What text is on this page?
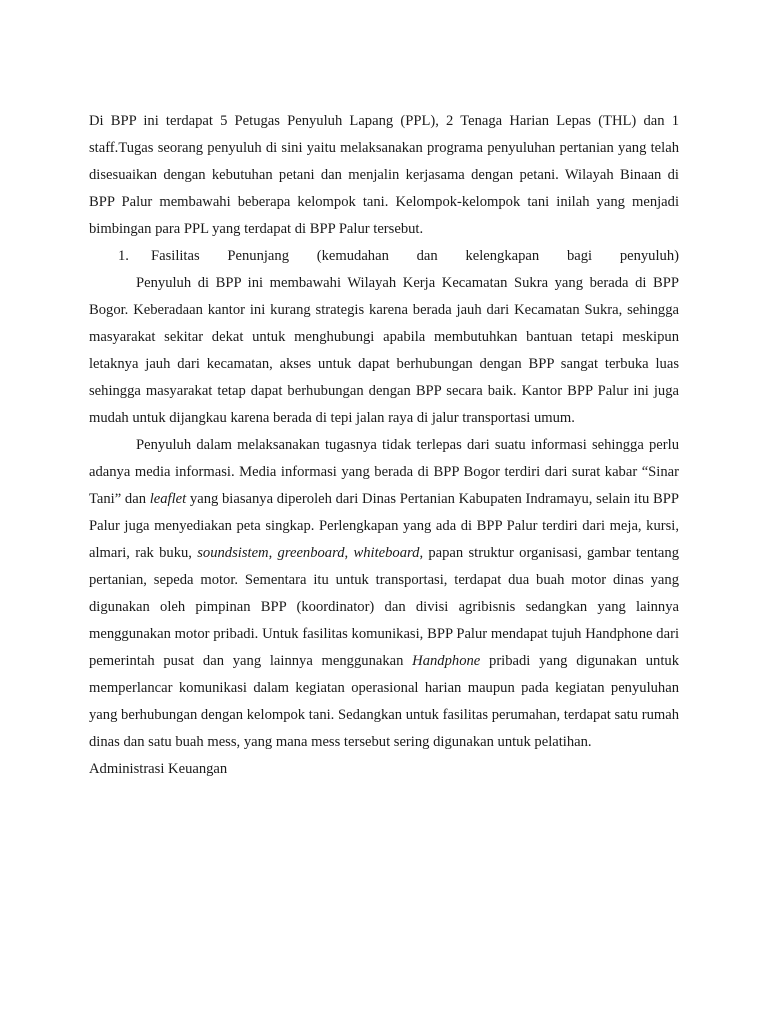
Di BPP ini terdapat 5 Petugas Penyuluh Lapang (PPL), 2 Tenaga Harian Lepas (THL) dan 1 staff.Tugas seorang penyuluh di sini yaitu melaksanakan programa penyuluhan pertanian yang telah disesuaikan dengan kebutuhan petani dan menjalin kerjasama dengan petani. Wilayah Binaan di BPP Palur membawahi beberapa kelompok tani. Kelompok-kelompok tani inilah yang menjadi bimbingan para PPL yang terdapat di BPP Palur tersebut.

1.	Fasilitas Penunjang (kemudahan dan kelengkapan bagi penyuluh)

Penyuluh di BPP ini membawahi Wilayah Kerja Kecamatan Sukra yang berada di BPP Bogor. Keberadaan kantor ini kurang strategis karena berada jauh dari Kecamatan Sukra, sehingga masyarakat sekitar dekat untuk menghubungi apabila membutuhkan bantuan tetapi meskipun letaknya jauh dari kecamatan, akses untuk dapat berhubungan dengan BPP sangat terbuka luas sehingga masyarakat tetap dapat berhubungan dengan BPP secara baik. Kantor BPP Palur ini juga mudah untuk dijangkau karena berada di tepi jalan raya di jalur transportasi umum.

Penyuluh dalam melaksanakan tugasnya tidak terlepas dari suatu informasi sehingga perlu adanya media informasi. Media informasi yang berada di BPP Bogor terdiri dari surat kabar “Sinar Tani” dan leaflet yang biasanya diperoleh dari Dinas Pertanian Kabupaten Indramayu, selain itu BPP Palur juga menyediakan peta singkap. Perlengkapan yang ada di BPP Palur terdiri dari meja, kursi, almari, rak buku, soundsistem, greenboard, whiteboard, papan struktur organisasi, gambar tentang pertanian, sepeda motor. Sementara itu untuk transportasi, terdapat dua buah motor dinas yang digunakan oleh pimpinan BPP (koordinator) dan divisi agribisnis sedangkan yang lainnya menggunakan motor pribadi. Untuk fasilitas komunikasi, BPP Palur mendapat tujuh Handphone dari pemerintah pusat dan yang lainnya menggunakan Handphone pribadi yang digunakan untuk memperlancar komunikasi dalam kegiatan operasional harian maupun pada kegiatan penyuluhan yang berhubungan dengan kelompok tani. Sedangkan untuk fasilitas perumahan, terdapat satu rumah dinas dan satu buah mess, yang mana mess tersebut sering digunakan untuk pelatihan.

Administrasi Keuangan
